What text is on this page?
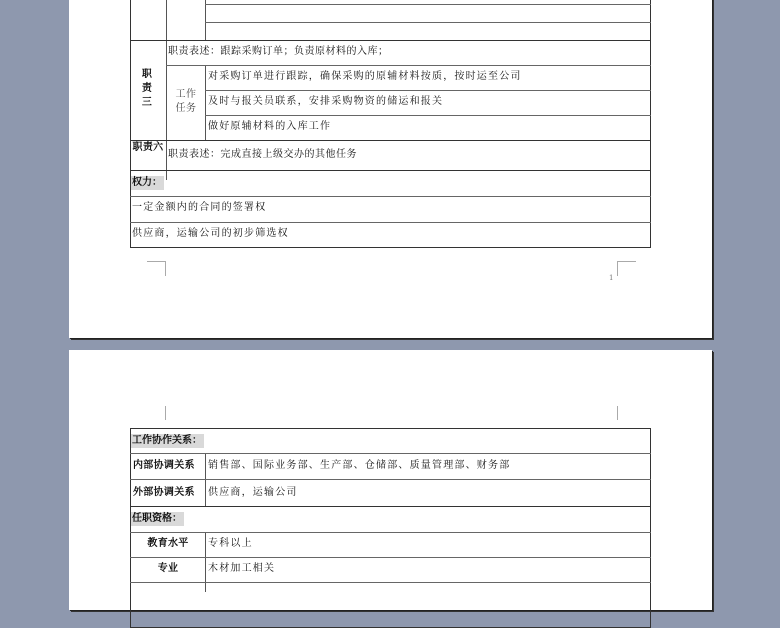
职责三
职责表述：跟踪采购订单；负责原材料的入库；
工作任务
对采购订单进行跟踪，确保采购的原辅材料按质，按时运至公司
及时与报关员联系，安排采购物资的储运和报关
做好原辅材料的入库工作
职责六
职责表述：完成直接上级交办的其他任务
权力：
一定金额内的合同的签署权
供应商，运输公司的初步筛选权
1
工作协作关系：
内部协调关系 销售部、国际业务部、生产部、仓储部、质量管理部、财务部
外部协调关系 供应商，运输公司
任职资格：
教育水平	专科以上
专业	木材加工相关
